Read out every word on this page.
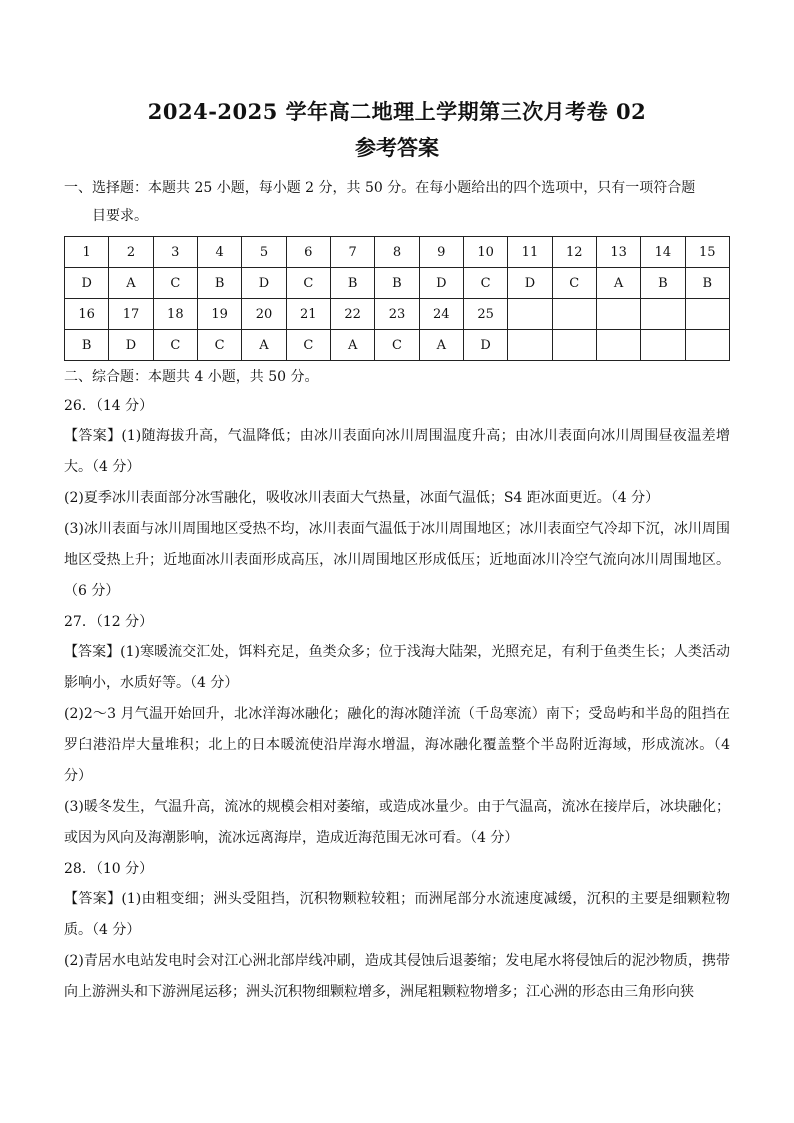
2024-2025 学年高二地理上学期第三次月考卷 02
参考答案

一、选择题：本题共 25 小题，每小题 2 分，共 50 分。在每小题给出的四个选项中，只有一项符合题
目要求。

1	2	3	4	5	6	7	8	9	10	11	12	13	14	15
D	A	C	B	D	C	B	B	D	C	D	C	A	B	B
16	17	18	19	20	21	22	23	24	25					
B	D	C	C	A	C	A	C	A	D					

二、综合题：本题共 4 小题，共 50 分。

26．（14 分）

【答案】(1)随海拔升高，气温降低；由冰川表面向冰川周围温度升高；由冰川表面向冰川周围昼夜温差增大。（4 分）

(2)夏季冰川表面部分冰雪融化，吸收冰川表面大气热量，冰面气温低；S4 距冰面更近。（4 分）

(3)冰川表面与冰川周围地区受热不均，冰川表面气温低于冰川周围地区；冰川表面空气冷却下沉，冰川周围地区受热上升；近地面冰川表面形成高压，冰川周围地区形成低压；近地面冰川冷空气流向冰川周围地区。（6 分）

27．（12 分）

【答案】(1)寒暖流交汇处，饵料充足，鱼类众多；位于浅海大陆架，光照充足，有利于鱼类生长；人类活动影响小，水质好等。（4 分）

(2)2～3 月气温开始回升，北冰洋海冰融化；融化的海冰随洋流（千岛寒流）南下；受岛屿和半岛的阻挡在罗臼港沿岸大量堆积；北上的日本暖流使沿岸海水增温，海冰融化覆盖整个半岛附近海域，形成流冰。（4 分）

(3)暖冬发生，气温升高，流冰的规模会相对萎缩，或造成冰量少。由于气温高，流冰在接岸后，冰块融化；或因为风向及海潮影响，流冰远离海岸，造成近海范围无冰可看。（4 分）

28．（10 分）

【答案】(1)由粗变细；洲头受阻挡，沉积物颗粒较粗；而洲尾部分水流速度减缓，沉积的主要是细颗粒物质。（4 分）

(2)青居水电站发电时会对江心洲北部岸线冲刷，造成其侵蚀后退萎缩；发电尾水将侵蚀后的泥沙物质，携带向上游洲头和下游洲尾运移；洲头沉积物细颗粒增多，洲尾粗颗粒物增多；江心洲的形态由三角形向狭
